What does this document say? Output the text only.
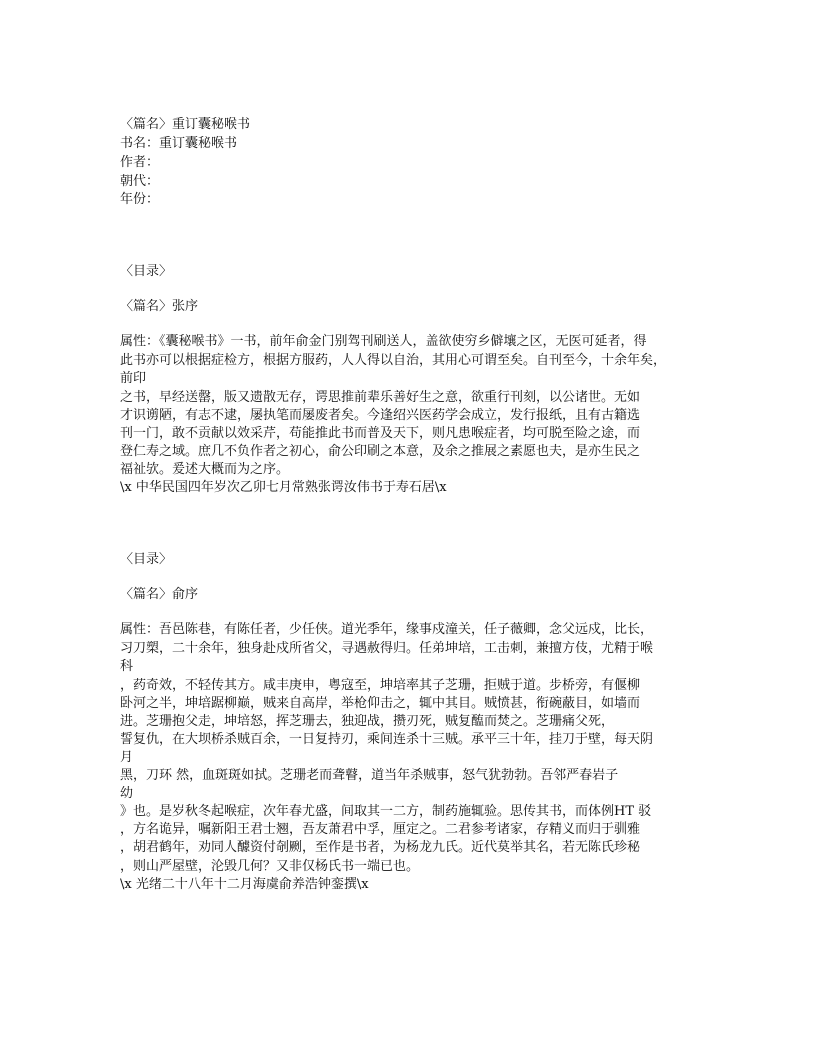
〈篇名〉重订囊秘喉书
书名：重订囊秘喉书
作者：
朝代：
年份：
〈目录〉
〈篇名〉张序
属性：《囊秘喉书》一书，前年俞金门别驾刊刷送人，盖欲使穷乡僻壤之区，无医可延者，得
此书亦可以根据症检方，根据方服药，人人得以自治，其用心可谓至矣。自刊至今，十余年矣，
前印
之书，早经送罄，版又遗散无存，谔思推前辈乐善好生之意，欲重行刊刻，以公诸世。无如
才识谫陋，有志不逮，屡执笔而屡废者矣。今逢绍兴医药学会成立，发行报纸，且有古籍选
刊一门，敢不贡献以效采芹，苟能推此书而普及天下，则凡患喉症者，均可脱至险之途，而
登仁寿之域。庶几不负作者之初心，俞公印刷之本意，及余之推展之素愿也夫，是亦生民之
福祉欤。爰述大概而为之序。
\x 中华民国四年岁次乙卯七月常熟张谔汝伟书于寿石居\x
〈目录〉
〈篇名〉俞序
属性：吾邑陈巷，有陈任者，少任侠。道光季年，缘事戍潼关，任子薇卿，念父远戍，比长，
习刀槊，二十余年，独身赴戍所省父，寻遇赦得归。任弟坤培，工击刺，兼擅方伎，尤精于喉
科
，药奇效，不轻传其方。咸丰庚申，粤寇至，坤培率其子芝珊，拒贼于道。步桥旁，有偃柳
卧河之半，坤培踞柳巅，贼来自高岸，举枪仰击之，辄中其目。贼愤甚，衔碗蔽目，如墙而
进。芝珊抱父走，坤培怒，挥芝珊去，独迎战，攒刃死，贼复醢而焚之。芝珊痛父死，
誓复仇，在大坝桥杀贼百余，一日复持刃，乘间连杀十三贼。承平三十年，挂刀于壁，每天阴
月
黑，刀环 然，血斑斑如拭。芝珊老而聋瞽，道当年杀贼事，怒气犹勃勃。吾邻严春岩子
幼
》也。是岁秋冬起喉症，次年春尤盛，间取其一二方，制药施辄验。思传其书，而体例HT 驳
，方名诡异，嘱新阳王君士翘，吾友萧君中孚，厘定之。二君参考诸家，存精义而归于驯雅
，胡君鹤年，劝同人醵资付剞劂，至作是书者，为杨龙九氏。近代莫举其名，若无陈氏珍秘
，则山严屋壁，沦毁几何？又非仅杨氏书一端已也。
\x 光绪二十八年十二月海虞俞养浩钟銮撰\x
